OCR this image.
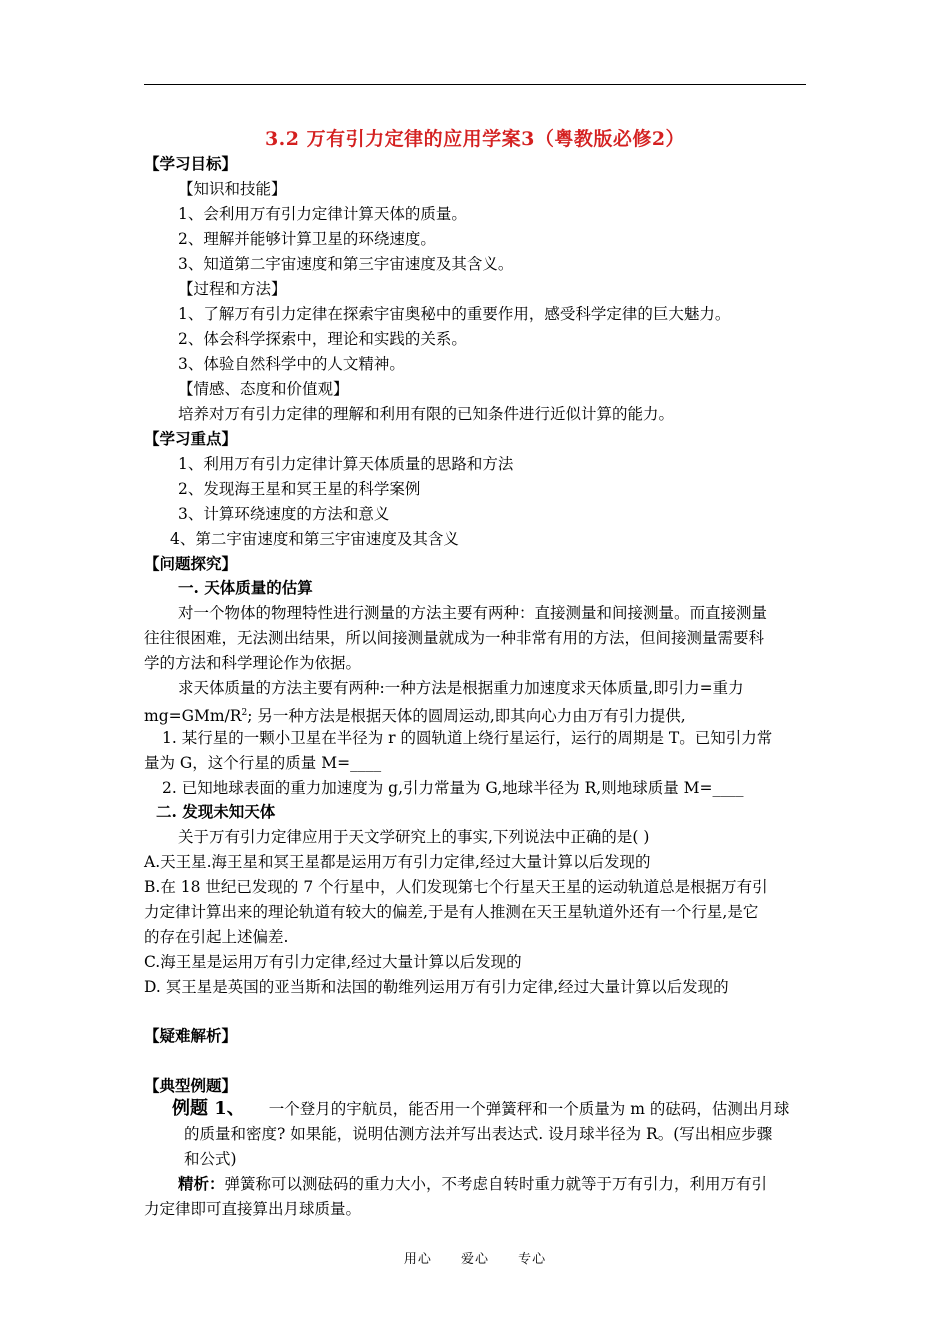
3.2 万有引力定律的应用学案3（粤教版必修2）
【学习目标】
【知识和技能】
1、会利用万有引力定律计算天体的质量。
2、理解并能够计算卫星的环绕速度。
3、知道第二宇宙速度和第三宇宙速度及其含义。
【过程和方法】
1、了解万有引力定律在探索宇宙奥秘中的重要作用，感受科学定律的巨大魅力。
2、体会科学探索中，理论和实践的关系。
3、体验自然科学中的人文精神。
【情感、态度和价值观】
培养对万有引力定律的理解和利用有限的已知条件进行近似计算的能力。
【学习重点】
1、利用万有引力定律计算天体质量的思路和方法
2、发现海王星和冥王星的科学案例
3、计算环绕速度的方法和意义
4、第二宇宙速度和第三宇宙速度及其含义
【问题探究】
一. 天体质量的估算
对一个物体的物理特性进行测量的方法主要有两种：直接测量和间接测量。而直接测量
往往很困难，无法测出结果，所以间接测量就成为一种非常有用的方法，但间接测量需要科
学的方法和科学理论作为依据。
求天体质量的方法主要有两种:一种方法是根据重力加速度求天体质量,即引力=重力
$mg=GMm/R^2$; 另一种方法是根据天体的圆周运动,即其向心力由万有引力提供,
1. 某行星的一颗小卫星在半径为 r 的圆轨道上绕行星运行，运行的周期是 T。已知引力常
量为 G，这个行星的质量 M=____
2. 已知地球表面的重力加速度为 g,引力常量为 G,地球半径为 R,则地球质量 M=____
二. 发现未知天体
关于万有引力定律应用于天文学研究上的事实,下列说法中正确的是( )
A.天王星.海王星和冥王星都是运用万有引力定律,经过大量计算以后发现的
B.在 18 世纪已发现的 7 个行星中，人们发现第七个行星天王星的运动轨道总是根据万有引
力定律计算出来的理论轨道有较大的偏差,于是有人推测在天王星轨道外还有一个行星,是它
的存在引起上述偏差.
C.海王星是运用万有引力定律,经过大量计算以后发现的
D. 冥王星是英国的亚当斯和法国的勒维列运用万有引力定律,经过大量计算以后发现的
【疑难解析】
【典型例题】
例题 1、 一个登月的宇航员，能否用一个弹簧秤和一个质量为 m 的砝码，估测出月球
的质量和密度? 如果能，说明估测方法并写出表达式. 设月球半径为 R。(写出相应步骤
和公式)
精析：弹簧称可以测砝码的重力大小，不考虑自转时重力就等于万有引力，利用万有引
力定律即可直接算出月球质量。
用心 爱心 专心
